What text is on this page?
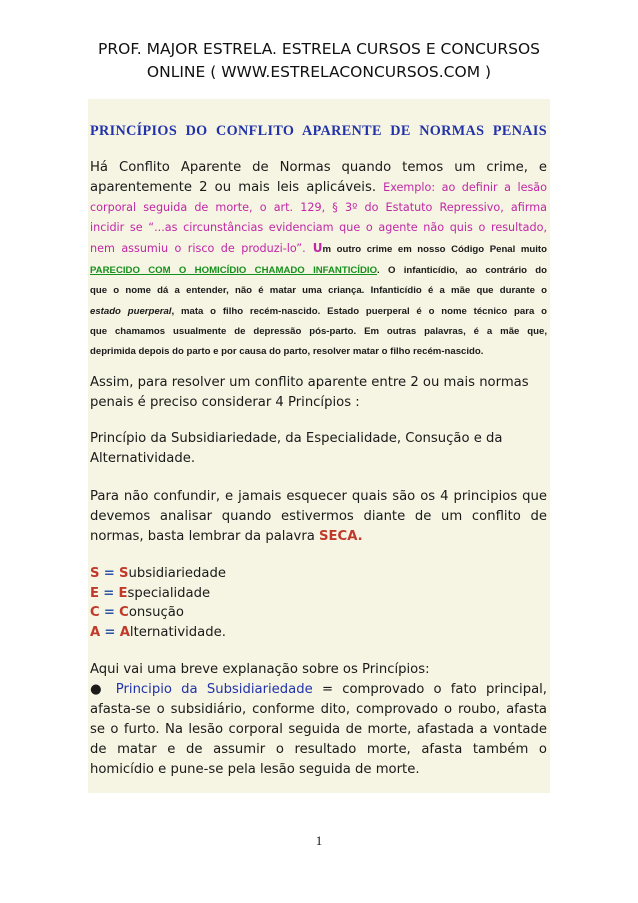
PROF. MAJOR ESTRELA. ESTRELA CURSOS E CONCURSOS
ONLINE ( WWW.ESTRELACONCURSOS.COM )
PRINCÍPIOS DO CONFLITO APARENTE DE NORMAS PENAIS
Há Conflito Aparente de Normas quando temos um crime, e
aparentemente 2 ou mais leis aplicáveis. Exemplo: ao definir a lesão
corporal seguida de morte, o art. 129, § 3º do Estatuto Repressivo, afirma
incidir se “...as circunstâncias evidenciam que o agente não quis o resultado,
nem assumiu o risco de produzi-lo”. Um outro crime em nosso Código Penal muito
PARECIDO COM O HOMICÍDIO CHAMADO INFANTICÍDIO. O infanticídio, ao contrário do
que o nome dá a entender, não é matar uma criança. Infanticídio é a mãe que durante o
estado puerperal, mata o filho recém-nascido. Estado puerperal é o nome técnico para o
que chamamos usualmente de depressão pós-parto. Em outras palavras, é a mãe que,
deprimida depois do parto e por causa do parto, resolver matar o filho recém-nascido.
Assim, para resolver um conflito aparente entre 2 ou mais normas
penais é preciso considerar 4 Princípios :
Princípio da Subsidiariedade, da Especialidade, Consução e da
Alternatividade.
Para não confundir, e jamais esquecer quais são os 4 principios que
devemos analisar quando estivermos diante de um conflito de
normas, basta lembrar da palavra SECA.
S = Subsidiariedade
E = Especialidade
C = Consução
A = Alternatividade.
Aqui vai uma breve explanação sobre os Princípios:
● Principio da Subsidiariedade = comprovado o fato principal,
afasta-se o subsidiário, conforme dito, comprovado o roubo, afasta
se o furto. Na lesão corporal seguida de morte, afastada a vontade
de matar e de assumir o resultado morte, afasta também o
homicídio e pune-se pela lesão seguida de morte.
1
